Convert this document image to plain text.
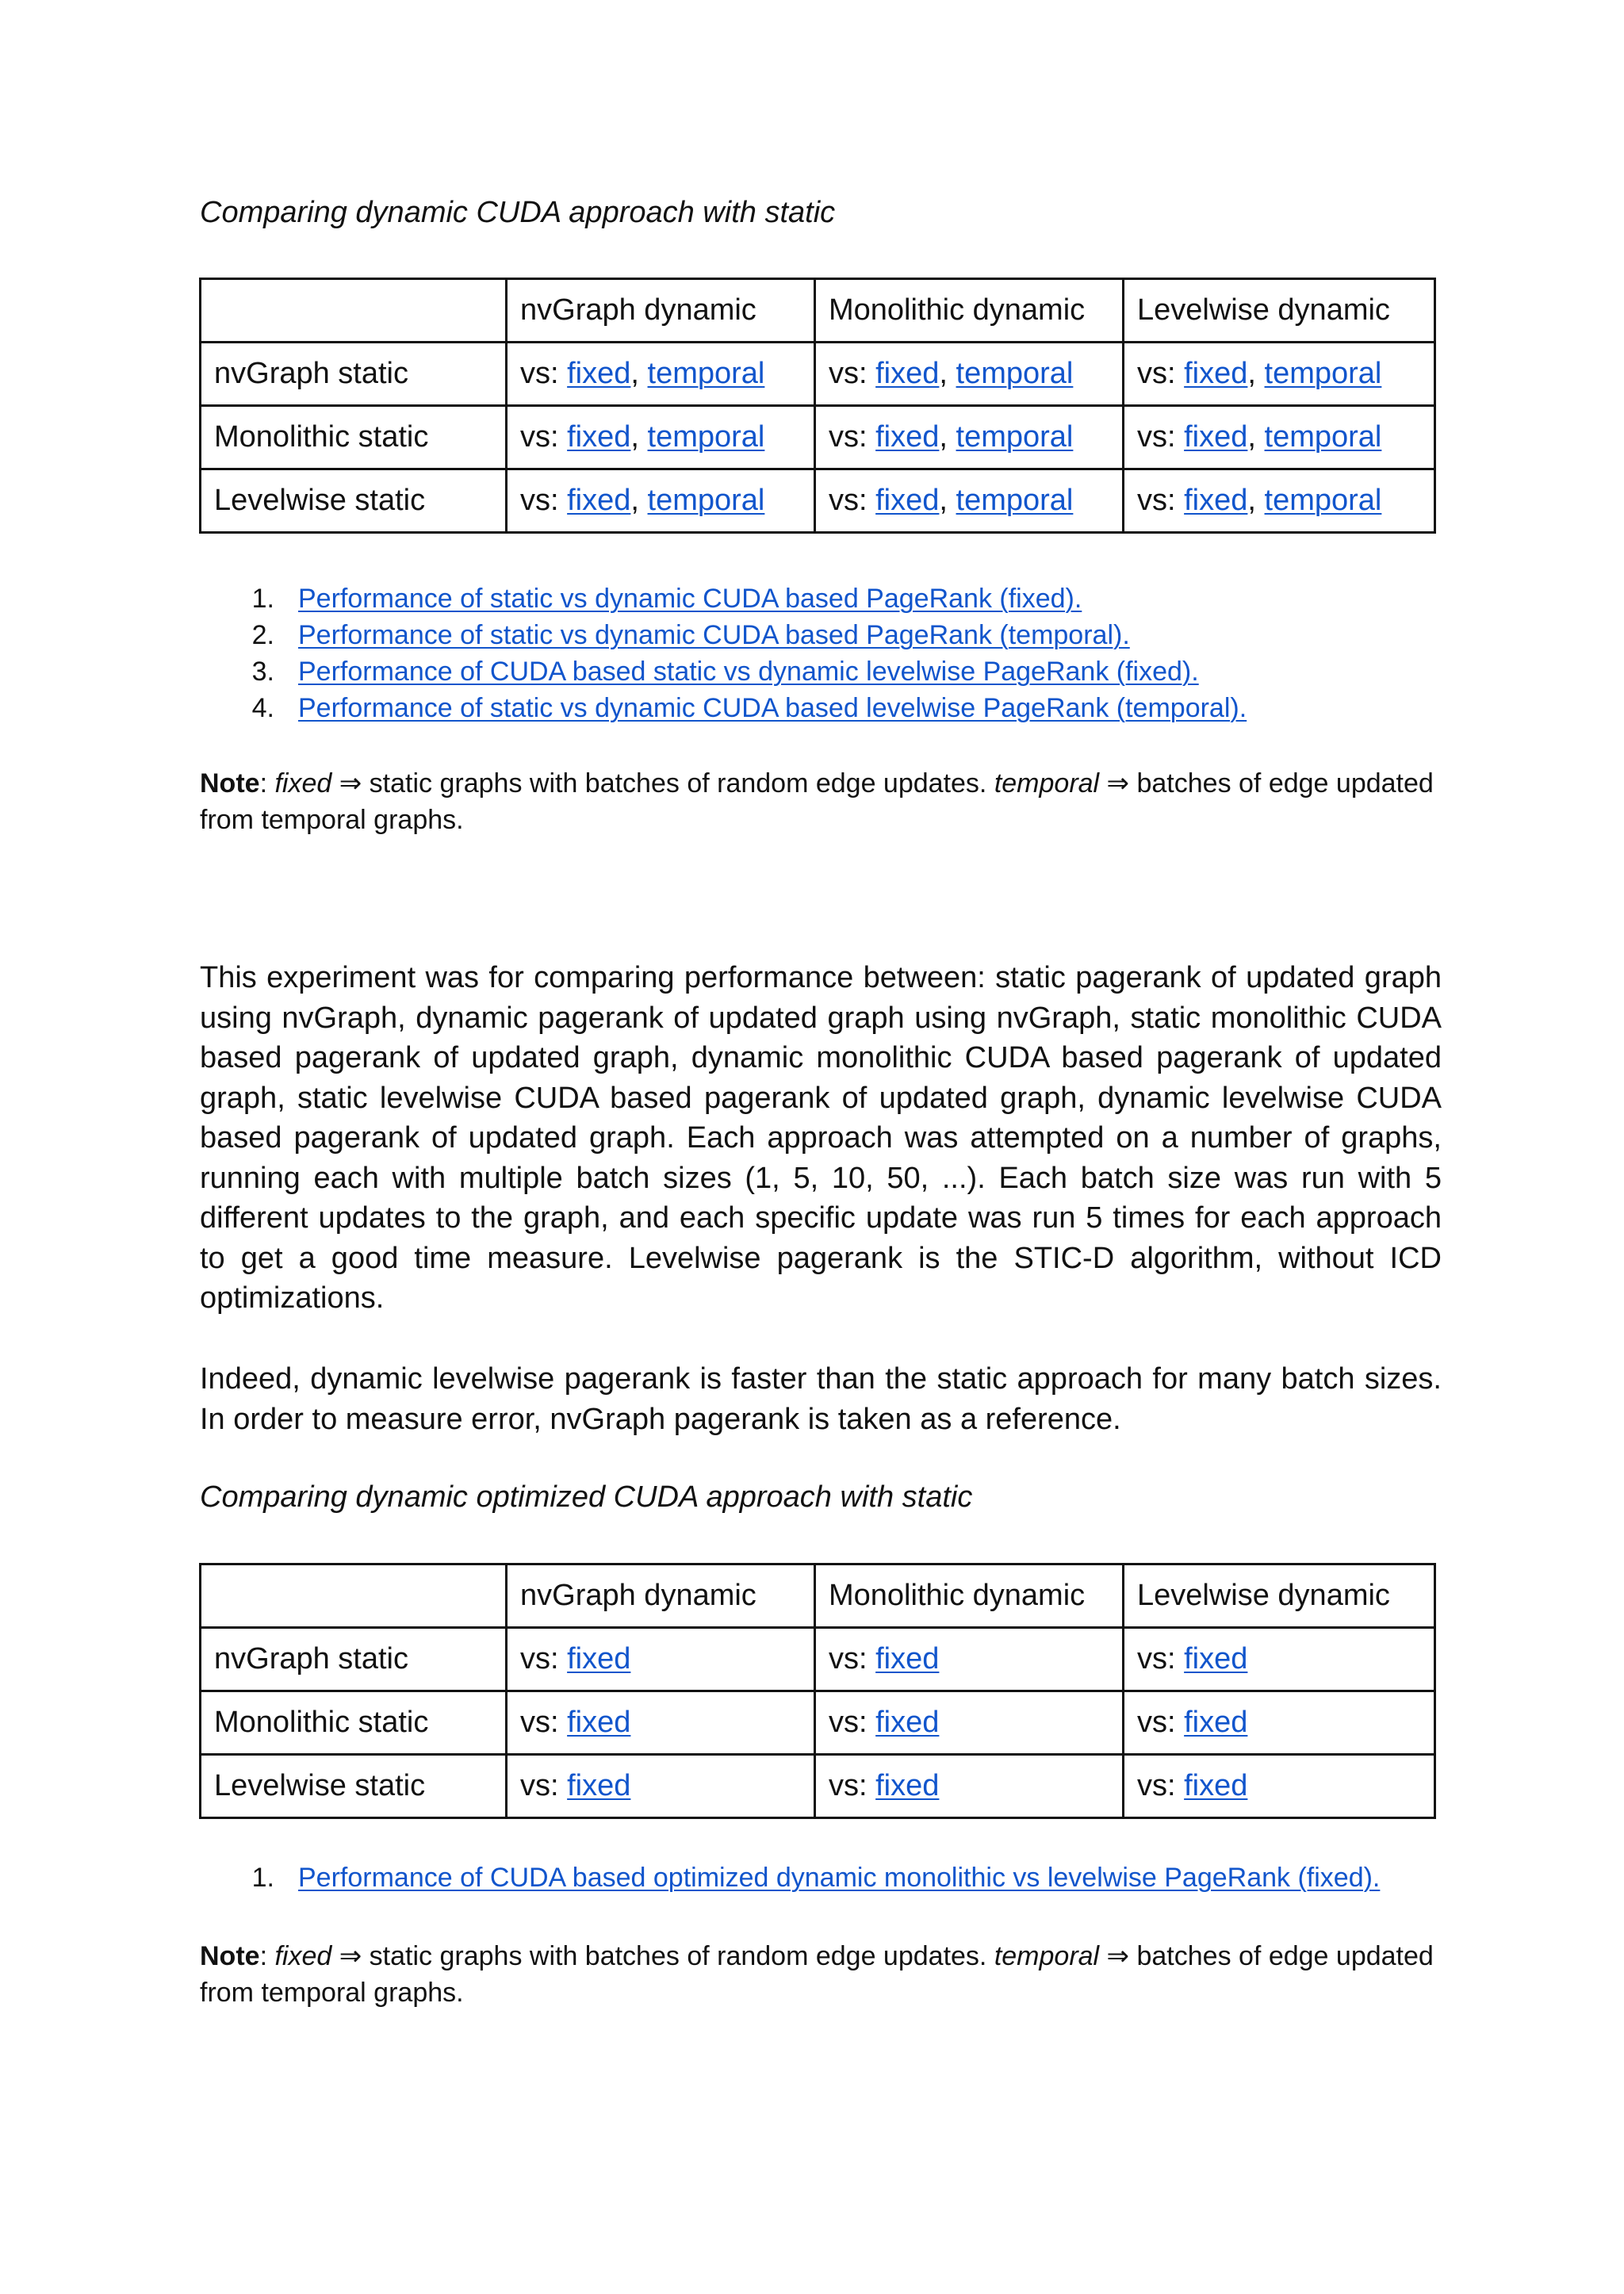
Comparing dynamic CUDA approach with static

	nvGraph dynamic	Monolithic dynamic	Levelwise dynamic
nvGraph static	vs: fixed, temporal	vs: fixed, temporal	vs: fixed, temporal
Monolithic static	vs: fixed, temporal	vs: fixed, temporal	vs: fixed, temporal
Levelwise static	vs: fixed, temporal	vs: fixed, temporal	vs: fixed, temporal
1. Performance of static vs dynamic CUDA based PageRank (fixed).
2. Performance of static vs dynamic CUDA based PageRank (temporal).
3. Performance of CUDA based static vs dynamic levelwise PageRank (fixed).
4. Performance of static vs dynamic CUDA based levelwise PageRank (temporal).

Note: fixed ⇒ static graphs with batches of random edge updates. temporal ⇒ batches of edge updated from temporal graphs.

This experiment was for comparing performance between: static pagerank of updated graph using nvGraph, dynamic pagerank of updated graph using nvGraph, static monolithic CUDA based pagerank of updated graph, dynamic monolithic CUDA based pagerank of updated graph, static levelwise CUDA based pagerank of updated graph, dynamic levelwise CUDA based pagerank of updated graph. Each approach was attempted on a number of graphs, running each with multiple batch sizes (1, 5, 10, 50, ...). Each batch size was run with 5 different updates to the graph, and each specific update was run 5 times for each approach to get a good time measure. Levelwise pagerank is the STIC-D algorithm, without ICD optimizations.

Indeed, dynamic levelwise pagerank is faster than the static approach for many batch sizes. In order to measure error, nvGraph pagerank is taken as a reference.

Comparing dynamic optimized CUDA approach with static

	nvGraph dynamic	Monolithic dynamic	Levelwise dynamic
nvGraph static	vs: fixed	vs: fixed	vs: fixed
Monolithic static	vs: fixed	vs: fixed	vs: fixed
Levelwise static	vs: fixed	vs: fixed	vs: fixed
1. Performance of CUDA based optimized dynamic monolithic vs levelwise PageRank (fixed).

Note: fixed ⇒ static graphs with batches of random edge updates. temporal ⇒ batches of edge updated from temporal graphs.
